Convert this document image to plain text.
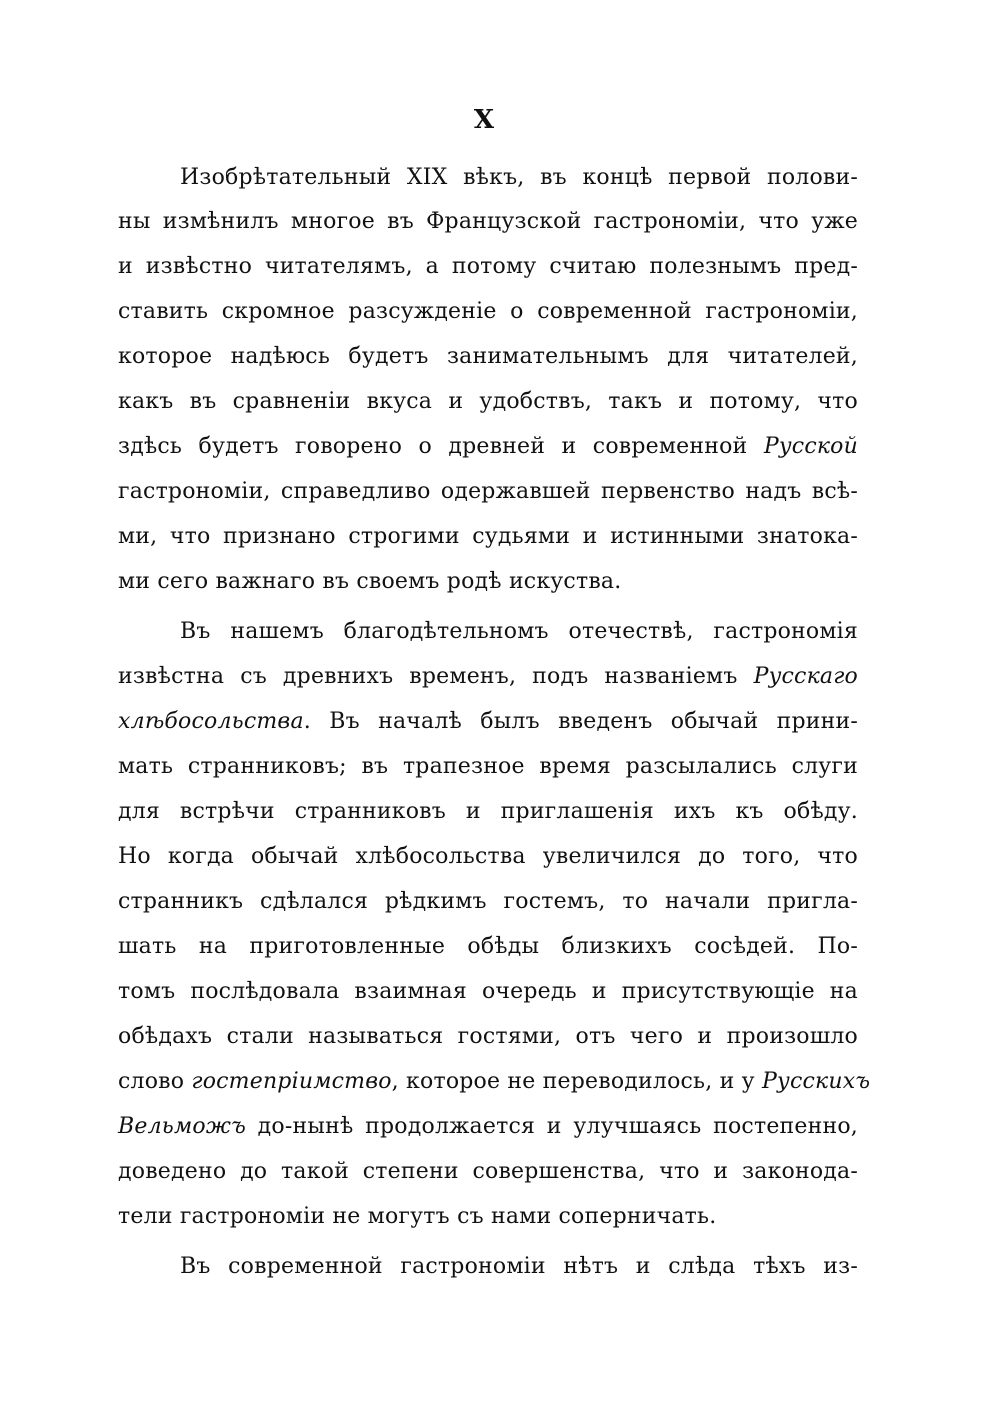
X
Изобрѣтательный XIX вѣкъ, въ концѣ первой полови-
ны измѣнилъ многое въ Французской гастрономіи, что уже
и извѣстно читателямъ, а потому считаю полезнымъ пред-
ставить скромное разсужденіе о современной гастрономіи,
которое надѣюсь будетъ занимательнымъ для читателей,
какъ въ сравненіи вкуса и удобствъ, такъ и потому, что
здѣсь будетъ говорено о древней и современной Русской
гастрономіи, справедливо одержавшей первенство надъ всѣ-
ми, что признано строгими судьями и истинными знатока-
ми сего важнаго въ своемъ родѣ искуства.
Въ нашемъ благодѣтельномъ отечествѣ, гастрономія
извѣстна съ древнихъ временъ, подъ названіемъ Русскаго
хлѣбосольства. Въ началѣ былъ введенъ обычай прини-
мать странниковъ; въ трапезное время разсылались слуги
для встрѣчи странниковъ и приглашенія ихъ къ обѣду.
Но когда обычай хлѣбосольства увеличился до того, что
странникъ сдѣлался рѣдкимъ гостемъ, то начали пригла-
шать на приготовленные обѣды близкихъ сосѣдей. По-
томъ послѣдовала взаимная очередь и присутствующіе на
обѣдахъ стали называться гостями, отъ чего и произошло
слово гостепріимство, которое не переводилось, и у Русскихъ
Вельможъ до-нынѣ продолжается и улучшаясь постепенно,
доведено до такой степени совершенства, что и законода-
тели гастрономіи не могутъ съ нами соперничать.
Въ современной гастрономіи нѣтъ и слѣда тѣхъ из-
